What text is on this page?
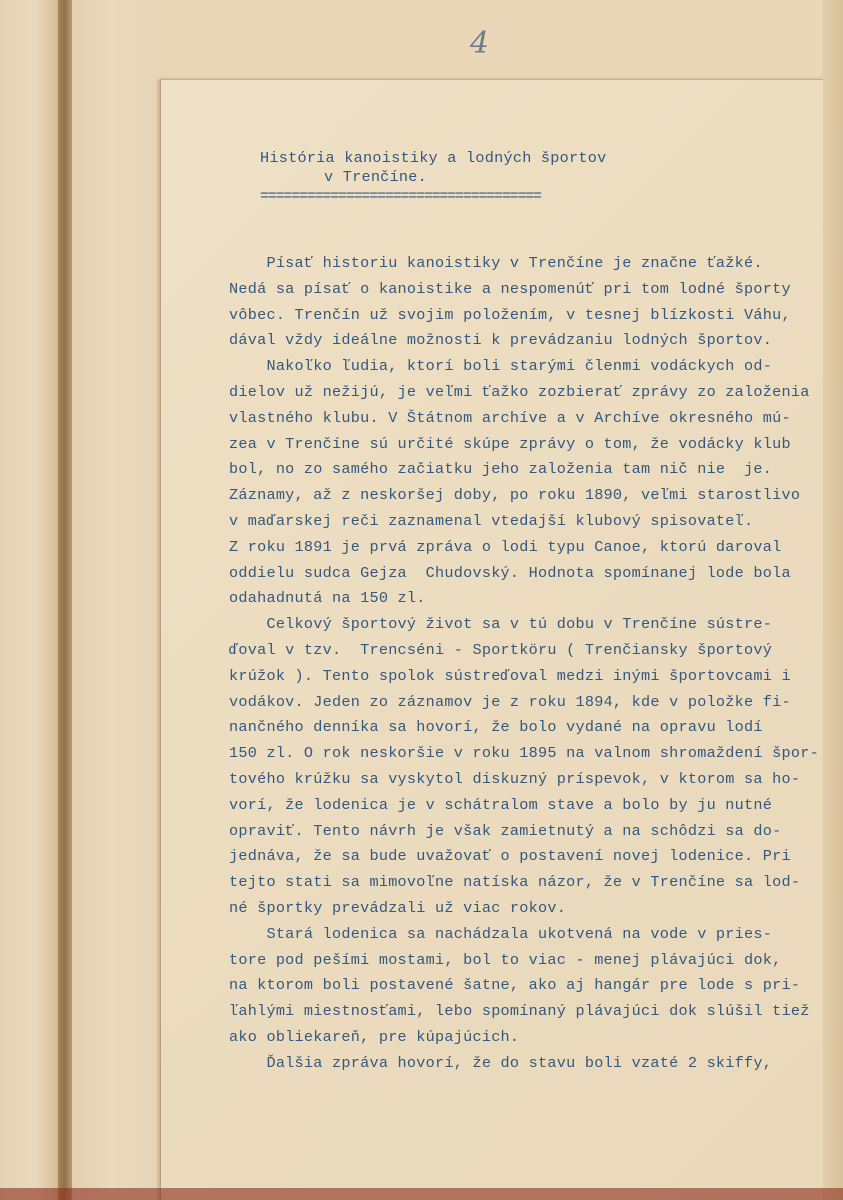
4
História kanoistiky a lodných športov
v Trenčíne.
====================================
Písať historiu kanoistiky v Trenčíne je značne ťažké.
Nedá sa písať o kanoistike a nespomenúť pri tom lodné športy
vôbec. Trenčín už svojim položením, v tesnej blízkosti Váhu,
dával vždy ideálne možnosti k prevádzaniu lodných športov.
Nakoľko ľudia, ktorí boli starými členmi vodáckych od-
dielov už nežijú, je veľmi ťažko zozbierať zprávy zo založenia
vlastného klubu. V Štátnom archíve a v Archíve okresného mú-
zea v Trenčíne sú určité skúpe zprávy o tom, že vodácky klub
bol, no zo samého začiatku jeho založenia tam nič nie  je.
Záznamy, až z neskoršej doby, po roku 1890, veľmi starostlivo
v maďarskej reči zaznamenal vtedajší klubový spisovateľ.
Z roku 1891 je prvá zpráva o lodi typu Canoe, ktorú daroval
oddielu sudca Gejza  Chudovský. Hodnota spomínanej lode bola
odahadnutá na 150 zl.
Celkový športový život sa v tú dobu v Trenčíne sústre-
ďoval v tzv.  Trencséni - Sportköru ( Trenčiansky športový
krúžok ). Tento spolok sústreďoval medzi inými športovcami i
vodákov. Jeden zo záznamov je z roku 1894, kde v položke fi-
nančného denníka sa hovorí, že bolo vydané na opravu lodí
150 zl. O rok neskoršie v roku 1895 na valnom shromaždení špor-
tového krúžku sa vyskytol diskuzný príspevok, v ktorom sa ho-
vorí, že lodenica je v schátralom stave a bolo by ju nutné
opraviť. Tento návrh je však zamietnutý a na schôdzi sa do-
jednáva, že sa bude uvažovať o postavení novej lodenice. Pri
tejto stati sa mimovoľne natíska názor, že v Trenčíne sa lod-
né športky prevádzali už viac rokov.
Stará lodenica sa nachádzala ukotvená na vode v pries-
tore pod pešími mostami, bol to viac - menej plávajúci dok,
na ktorom boli postavené šatne, ako aj hangár pre lode s pri-
ľahlými miestnosťami, lebo spomínaný plávajúci dok slúšil tiež
ako obliekareň, pre kúpajúcich.
Ďalšia zpráva hovorí, že do stavu boli vzaté 2 skiffy,
